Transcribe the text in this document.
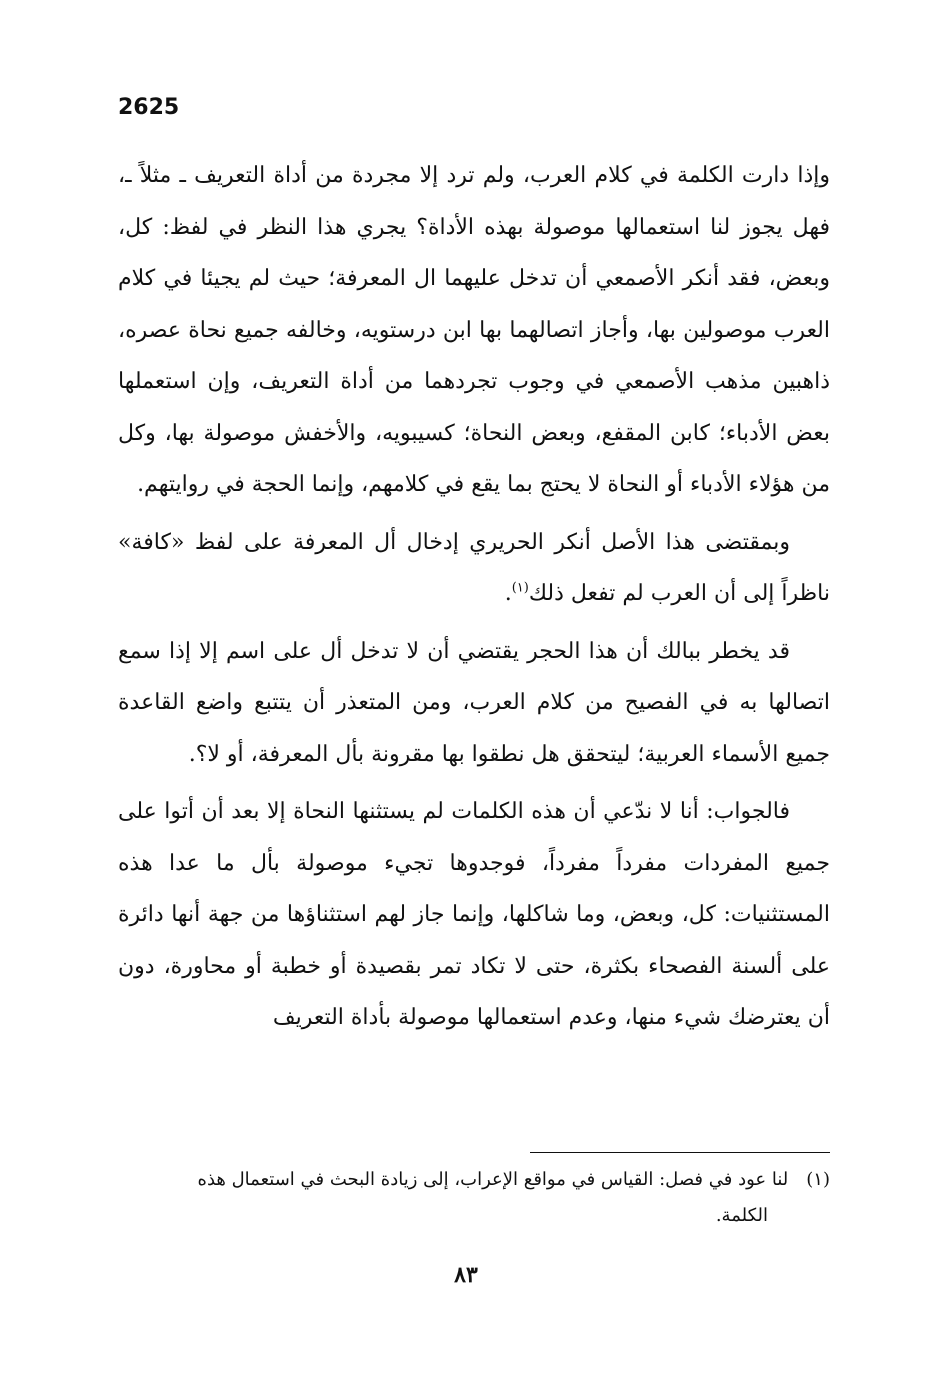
2625

وإذا دارت الكلمة في كلام العرب، ولم ترد إلا مجردة من أداة التعريف ـ مثلاً ـ، فهل يجوز لنا استعمالها موصولة بهذه الأداة؟ يجري هذا النظر في لفظ: كل، وبعض، فقد أنكر الأصمعي أن تدخل عليهما ال المعرفة؛ حيث لم يجيئا في كلام العرب موصولين بها، وأجاز اتصالهما بها ابن درستويه، وخالفه جميع نحاة عصره، ذاهبين مذهب الأصمعي في وجوب تجردهما من أداة التعريف، وإن استعملها بعض الأدباء؛ كابن المقفع، وبعض النحاة؛ كسيبويه، والأخفش موصولة بها، وكل من هؤلاء الأدباء أو النحاة لا يحتج بما يقع في كلامهم، وإنما الحجة في روايتهم.

وبمقتضى هذا الأصل أنكر الحريري إدخال أل المعرفة على لفظ «كافة» ناظراً إلى أن العرب لم تفعل ذلك$^{(١)}$.

قد يخطر ببالك أن هذا الحجر يقتضي أن لا تدخل أل على اسم إلا إذا سمع اتصالها به في الفصيح من كلام العرب، ومن المتعذر أن يتتبع واضع القاعدة جميع الأسماء العربية؛ ليتحقق هل نطقوا بها مقرونة بأل المعرفة، أو لا؟.

فالجواب: أنا لا ندّعي أن هذه الكلمات لم يستثنها النحاة إلا بعد أن أتوا على جميع المفردات مفرداً مفرداً، فوجدوها تجيء موصولة بأل ما عدا هذه المستثنيات: كل، وبعض، وما شاكلها، وإنما جاز لهم استثناؤها من جهة أنها دائرة على ألسنة الفصحاء بكثرة، حتى لا تكاد تمر بقصيدة أو خطبة أو محاورة، دون أن يعترضك شيء منها، وعدم استعمالها موصولة بأداة التعريف

(١)لنا عود في فصل: القياس في مواقع الإعراب، إلى زيادة البحث في استعمال هذه
الكلمة.
٨٣
